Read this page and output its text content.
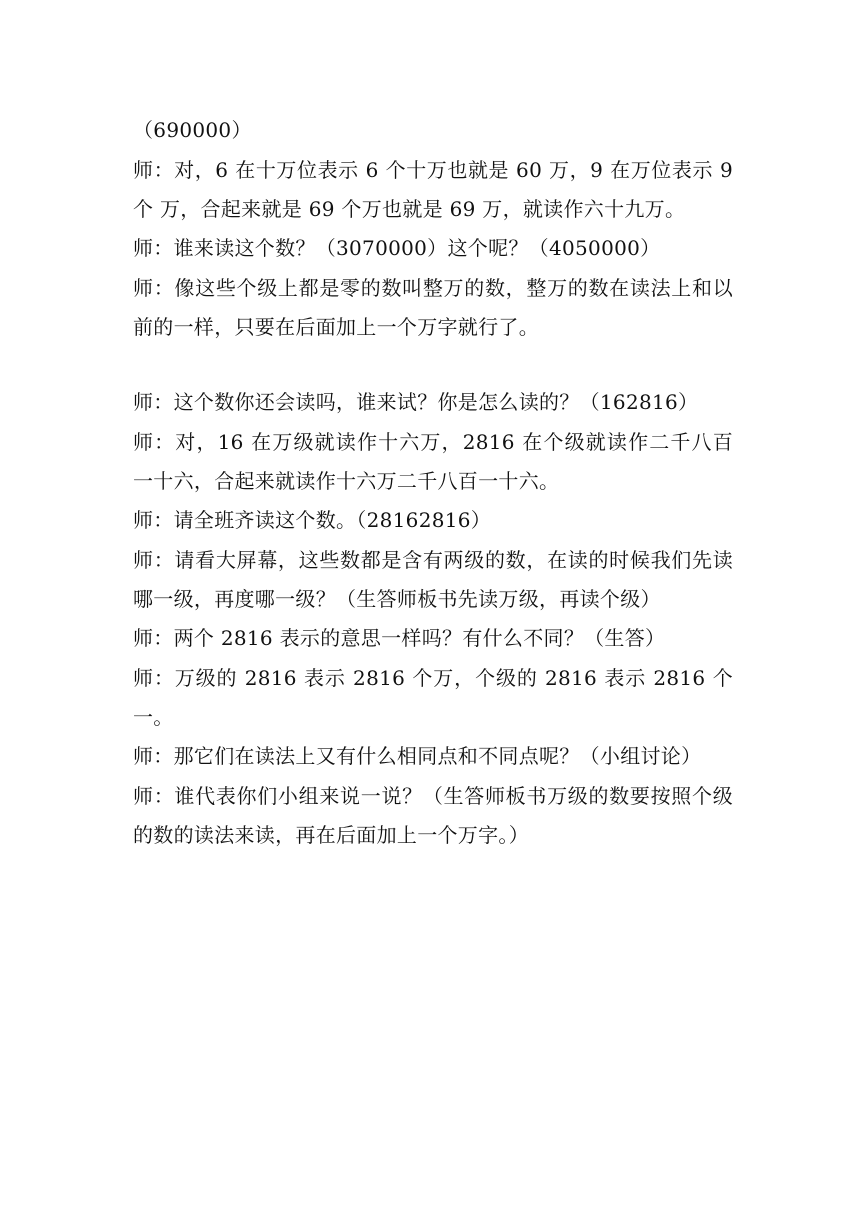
（690000）

师：对，6 在十万位表示 6 个十万也就是 60 万，9 在万位表示 9 个 万，合起来就是 69 个万也就是 69 万，就读作六十九万。

师：谁来读这个数？（3070000）这个呢？（4050000）

师：像这些个级上都是零的数叫整万的数，整万的数在读法上和以前的一样，只要在后面加上一个万字就行了。

师：这个数你还会读吗，谁来试？你是怎么读的？（162816）

师：对，16 在万级就读作十六万，2816 在个级就读作二千八百 一十六，合起来就读作十六万二千八百一十六。

师：请全班齐读这个数。（28162816）

师：请看大屏幕，这些数都是含有两级的数，在读的时候我们先读哪一级，再度哪一级？（生答师板书先读万级，再读个级）

师：两个 2816 表示的意思一样吗？有什么不同？（生答）

师：万级的 2816 表示 2816 个万，个级的 2816 表示 2816 个一。

师：那它们在读法上又有什么相同点和不同点呢？（小组讨论）

师：谁代表你们小组来说一说？（生答师板书万级的数要按照个级的数的读法来读，再在后面加上一个万字。）
